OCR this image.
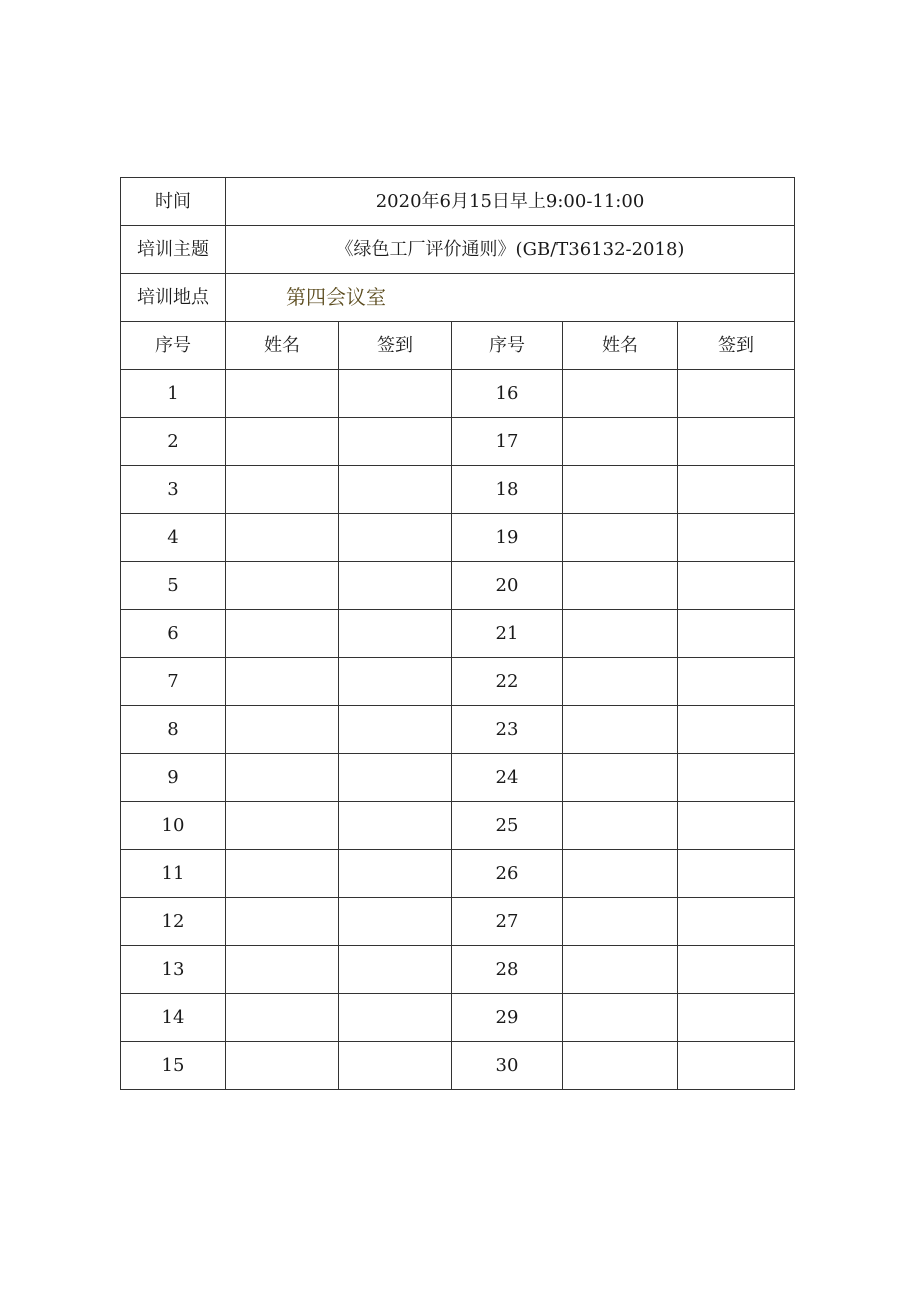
时间	2020年6月15日早上9:00-11:00				
培训主题	《绿色工厂评价通则》(GB/T36132-2018)				
培训地点	第四会议室				
序号	姓名	签到	序号	姓名	签到
1			16		
2			17		
3			18		
4			19		
5			20		
6			21		
7			22		
8			23		
9			24		
10			25		
11			26		
12			27		
13			28		
14			29		
15			30		
